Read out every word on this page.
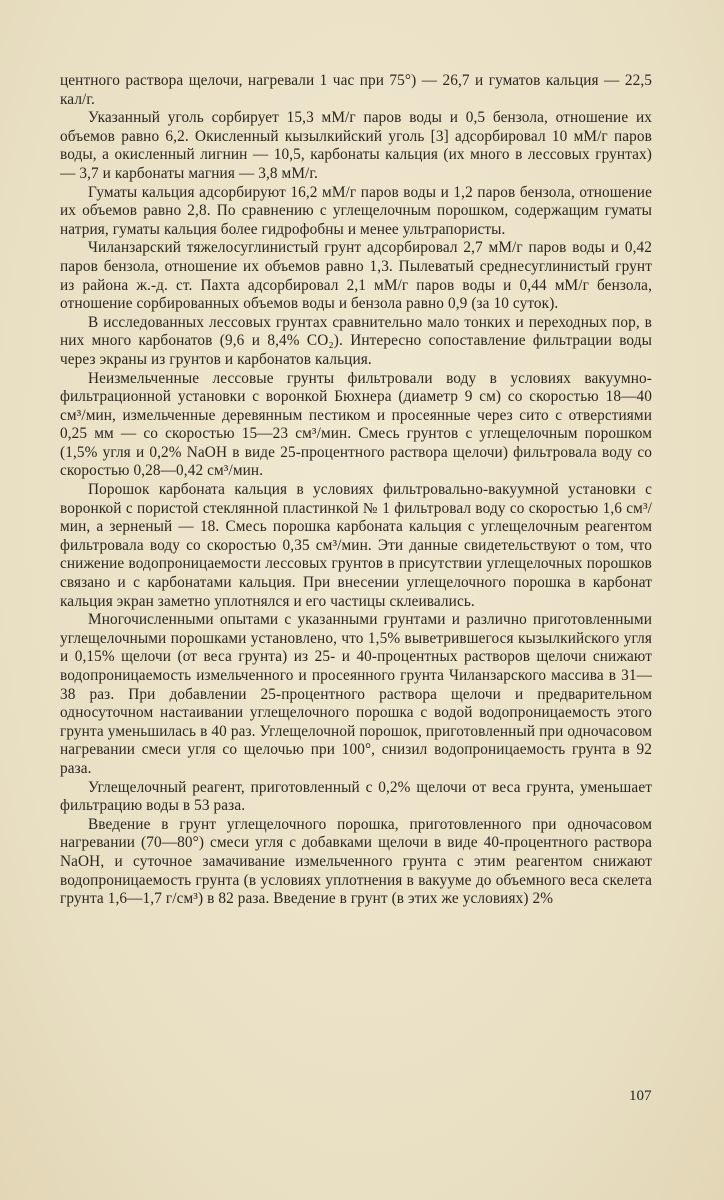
центного раствора щелочи, нагревали 1 час при 75°) — 26,7 и гуматов кальция — 22,5 кал/г.

Указанный уголь сорбирует 15,3 мМ/г паров воды и 0,5 бензола, отношение их объемов равно 6,2. Окисленный кызылкийский уголь [3] адсорбировал 10 мМ/г паров воды, а окисленный лигнин — 10,5, карбонаты кальция (их много в лессовых грунтах) — 3,7 и карбонаты магния — 3,8 мМ/г.

Гуматы кальция адсорбируют 16,2 мМ/г паров воды и 1,2 паров бензола, отношение их объемов равно 2,8. По сравнению с углещелочным порошком, содержащим гуматы натрия, гуматы кальция более гидрофобны и менее ультрапористы.

Чиланзарский тяжелосуглинистый грунт адсорбировал 2,7 мМ/г паров воды и 0,42 паров бензола, отношение их объемов равно 1,3. Пылеватый среднесуглинистый грунт из района ж.-д. ст. Пахта адсорбировал 2,1 мМ/г паров воды и 0,44 мМ/г бензола, отношение сорбированных объемов воды и бензола равно 0,9 (за 10 суток).

В исследованных лессовых грунтах сравнительно мало тонких и переходных пор, в них много карбонатов (9,6 и 8,4% CO₂). Интересно сопоставление фильтрации воды через экраны из грунтов и карбонатов кальция.

Неизмельченные лессовые грунты фильтровали воду в условиях вакуумно-фильтрационной установки с воронкой Бюхнера (диаметр 9 см) со скоростью 18—40 см³/мин, измельченные деревянным пестиком и просеянные через сито с отверстиями 0,25 мм — со скоростью 15—23 см³/мин. Смесь грунтов с углещелочным порошком (1,5% угля и 0,2% NaOH в виде 25-процентного раствора щелочи) фильтровала воду со скоростью 0,28—0,42 см³/мин.

Порошок карбоната кальция в условиях фильтровально-вакуумной установки с воронкой с пористой стеклянной пластинкой № 1 фильтровал воду со скоростью 1,6 см³/мин, а зерненый — 18. Смесь порошка карбоната кальция с углещелочным реагентом фильтровала воду со скоростью 0,35 см³/мин. Эти данные свидетельствуют о том, что снижение водопроницаемости лессовых грунтов в присутствии углещелочных порошков связано и с карбонатами кальция. При внесении углещелочного порошка в карбонат кальция экран заметно уплотнялся и его частицы склеивались.

Многочисленными опытами с указанными грунтами и различно приготовленными углещелочными порошками установлено, что 1,5% выветрившегося кызылкийского угля и 0,15% щелочи (от веса грунта) из 25- и 40-процентных растворов щелочи снижают водопроницаемость измельченного и просеянного грунта Чиланзарского массива в 31—38 раз. При добавлении 25-процентного раствора щелочи и предварительном односуточном настаивании углещелочного порошка с водой водопроницаемость этого грунта уменьшилась в 40 раз. Углещелочной порошок, приготовленный при одночасовом нагревании смеси угля со щелочью при 100°, снизил водопроницаемость грунта в 92 раза.

Углещелочный реагент, приготовленный с 0,2% щелочи от веса грунта, уменьшает фильтрацию воды в 53 раза.

Введение в грунт углещелочного порошка, приготовленного при одночасовом нагревании (70—80°) смеси угля с добавками щелочи в виде 40-процентного раствора NaOH, и суточное замачивание измельченного грунта с этим реагентом снижают водопроницаемость грунта (в условиях уплотнения в вакууме до объемного веса скелета грунта 1,6—1,7 г/см³) в 82 раза. Введение в грунт (в этих же условиях) 2%

107
